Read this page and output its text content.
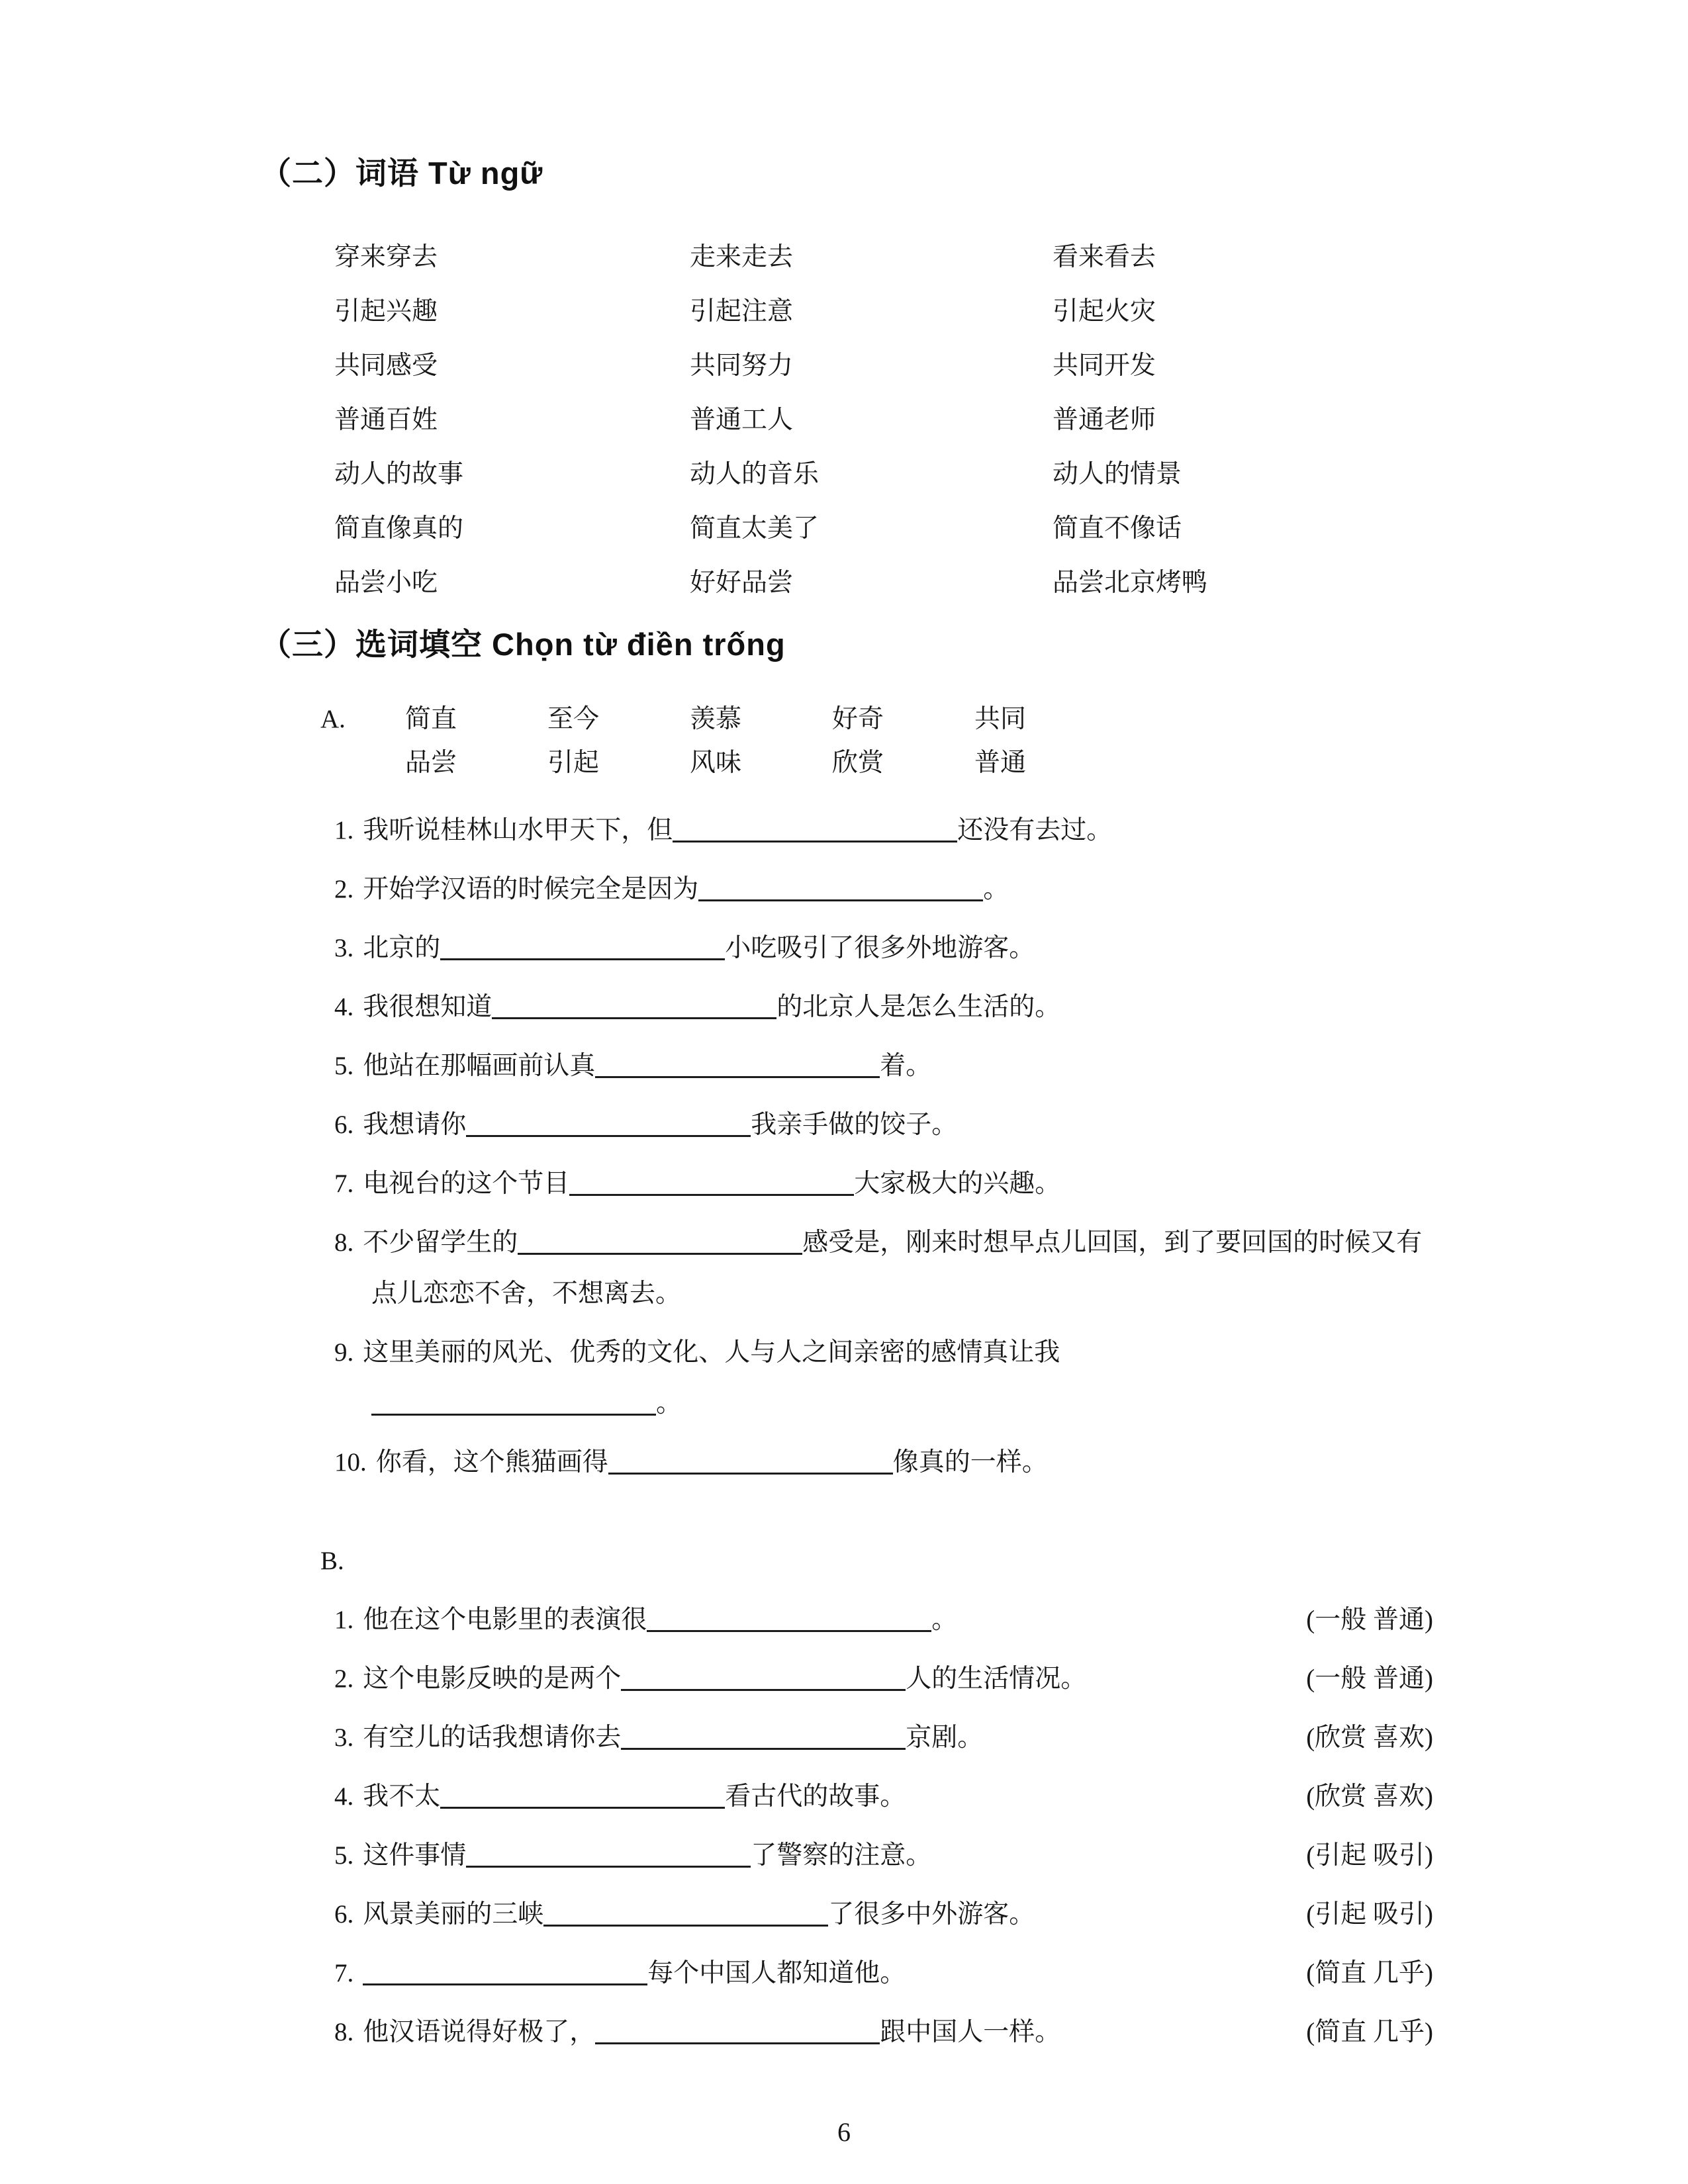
（二）词语 Từ ngữ
穿来穿去	走来走去	看来看去
引起兴趣	引起注意	引起火灾
共同感受	共同努力	共同开发
普通百姓	普通工人	普通老师
动人的故事	动人的音乐	动人的情景
简直像真的	简直太美了	简直不像话
品尝小吃	好好品尝	品尝北京烤鸭
（三）选词填空 Chọn từ điền trống
A.	简直	至今	羡慕	好奇	共同
品尝	引起	风味	欣赏	普通
1. 我听说桂林山水甲天下，但	还没有去过。
2. 开始学汉语的时候完全是因为	。
3. 北京的	小吃吸引了很多外地游客。
4. 我很想知道	的北京人是怎么生活的。
5. 他站在那幅画前认真	着。
6. 我想请你	我亲手做的饺子。
7. 电视台的这个节目	大家极大的兴趣。
8. 不少留学生的	感受是，刚来时想早点儿回国，到了要回国的时候又有点儿恋恋不舍，不想离去。
9. 这里美丽的风光、优秀的文化、人与人之间亲密的感情真让我
。
10. 你看，这个熊猫画得	像真的一样。
B.
1. 他在这个电影里的表演很	。	(一般 普通)
2. 这个电影反映的是两个	人的生活情况。	(一般 普通)
3. 有空儿的话我想请你去	京剧。	(欣赏 喜欢)
4. 我不太	看古代的故事。	(欣赏 喜欢)
5. 这件事情	了警察的注意。	(引起 吸引)
6. 风景美丽的三峡	了很多中外游客。	(引起 吸引)
7.	每个中国人都知道他。	(简直 几乎)
8. 他汉语说得好极了，	跟中国人一样。	(简直 几乎)
6
